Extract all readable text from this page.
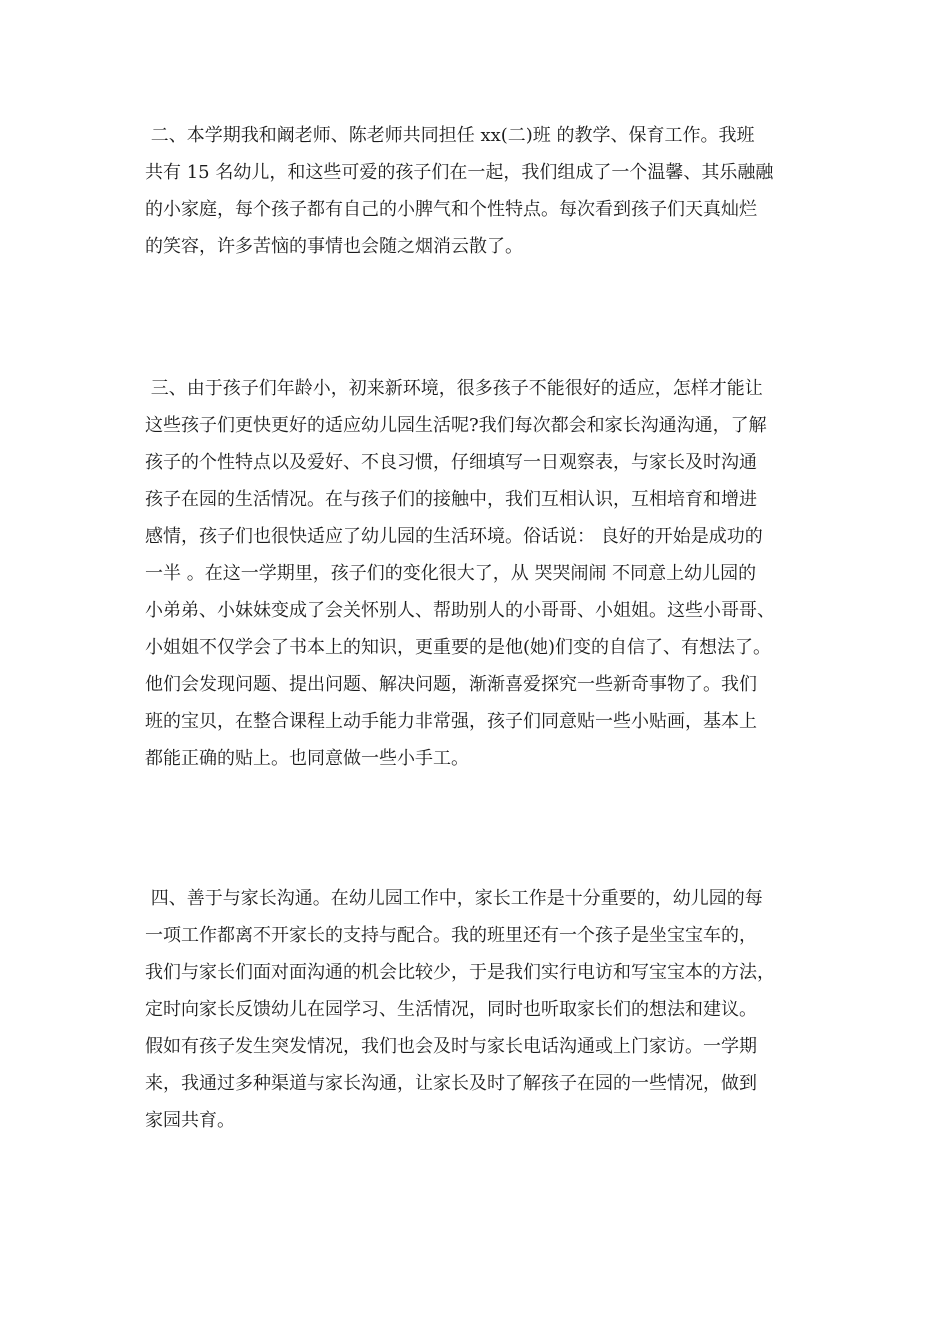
二、本学期我和阚老师、陈老师共同担任 xx(二)班 的教学、保育工作。我班
共有 15 名幼儿，和这些可爱的孩子们在一起，我们组成了一个温馨、其乐融融
的小家庭，每个孩子都有自己的小脾气和个性特点。每次看到孩子们天真灿烂
的笑容，许多苦恼的事情也会随之烟消云散了。
三、由于孩子们年龄小，初来新环境，很多孩子不能很好的适应，怎样才能让
这些孩子们更快更好的适应幼儿园生活呢?我们每次都会和家长沟通沟通，了解
孩子的个性特点以及爱好、不良习惯，仔细填写一日观察表，与家长及时沟通
孩子在园的生活情况。在与孩子们的接触中，我们互相认识，互相培育和增进
感情，孩子们也很快适应了幼儿园的生活环境。俗话说： 良好的开始是成功的
一半 。在这一学期里，孩子们的变化很大了，从 哭哭闹闹 不同意上幼儿园的
小弟弟、小妹妹变成了会关怀别人、帮助别人的小哥哥、小姐姐。这些小哥哥、
小姐姐不仅学会了书本上的知识，更重要的是他(她)们变的自信了、有想法了。
他们会发现问题、提出问题、解决问题，渐渐喜爱探究一些新奇事物了。我们
班的宝贝，在整合课程上动手能力非常强，孩子们同意贴一些小贴画，基本上
都能正确的贴上。也同意做一些小手工。
四、善于与家长沟通。在幼儿园工作中，家长工作是十分重要的，幼儿园的每
一项工作都离不开家长的支持与配合。我的班里还有一个孩子是坐宝宝车的，
我们与家长们面对面沟通的机会比较少，于是我们实行电访和写宝宝本的方法，
定时向家长反馈幼儿在园学习、生活情况，同时也听取家长们的想法和建议。
假如有孩子发生突发情况，我们也会及时与家长电话沟通或上门家访。一学期
来，我通过多种渠道与家长沟通，让家长及时了解孩子在园的一些情况，做到
家园共育。
